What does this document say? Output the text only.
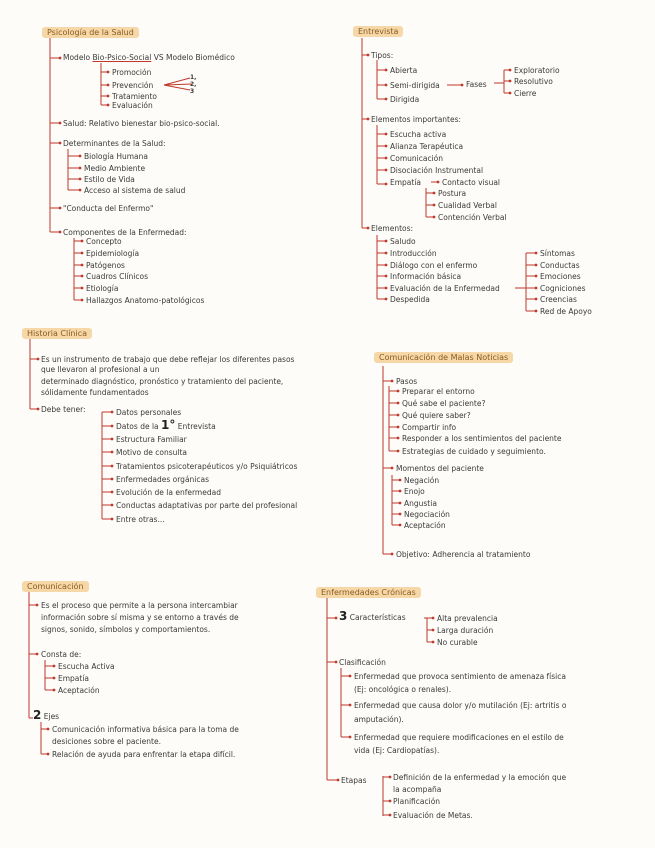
Psicología de la Salud
Modelo Bio-Psico-Social VS Modelo Biomédico
Promoción
Prevención
Tratamiento
Evaluación
1, 2, 3
Salud: Relativo bienestar bio-psico-social.
Determinantes de la Salud:
Biología Humana
Medio Ambiente
Estilo de Vida
Acceso al sistema de salud
"Conducta del Enfermo"
Componentes de la Enfermedad:
Concepto
Epidemiología
Patógenos
Cuadros Clínicos
Etiología
Hallazgos Anatomo-patológicos
Entrevista
Tipos:
Abierta
Semi-dirigida
Dirigida
Fases
Exploratorio
Resolutivo
Cierre
Elementos importantes:
Escucha activa
Alianza Terapéutica
Comunicación
Disociación Instrumental
Empatía	Contacto visual
Postura
Cualidad Verbal
Contención Verbal
Elementos:
Saludo
Introducción
Diálogo con el enfermo
Información básica
Evaluación de la Enfermedad
Despedida
Síntomas
Conductas
Emociones
Cogniciones
Creencias
Red de Apoyo
Historia Clínica
Es un instrumento de trabajo que debe reflejar los diferentes pasos
que llevaron al profesional a un
determinado diagnóstico, pronóstico y tratamiento del paciente,
sólidamente fundamentados
Debe tener:	Datos personales
Datos de la 1° Entrevista
Estructura Familiar
Motivo de consulta
Tratamientos psicoterapéuticos y/o Psiquiátricos
Enfermedades orgánicas
Evolución de la enfermedad
Conductas adaptativas por parte del profesional
Entre otras...
Comunicación de Malas Noticias
Pasos
Preparar el entorno
Qué sabe el paciente?
Qué quiere saber?
Compartir info
Responder a los sentimientos del paciente
Estrategias de cuidado y seguimiento.
Momentos del paciente
Negación
Enojo
Angustia
Negociación
Aceptación
Objetivo: Adherencia al tratamiento
Comunicación
Es el proceso que permite a la persona intercambiar
información sobre sí misma y se entorno a través de
signos, sonido, símbolos y comportamientos.
Consta de:
Escucha Activa
Empatía
Aceptación
2 Ejes
Comunicación informativa básica para la toma de
desiciones sobre el paciente.
Relación de ayuda para enfrentar la etapa difícil.
Enfermedades Crónicas
3 Características	Alta prevalencia
Larga duración
No curable
Clasificación
Enfermedad que provoca sentimiento de amenaza física
(Ej: oncológica o renales).
Enfermedad que causa dolor y/o mutilación (Ej: artritis o
amputación).
Enfermedad que requiere modificaciones en el estilo de
vida (Ej: Cardiopatías).
Etapas	Definición de la enfermedad y la emoción que
la acompaña
Planificación
Evaluación de Metas.
